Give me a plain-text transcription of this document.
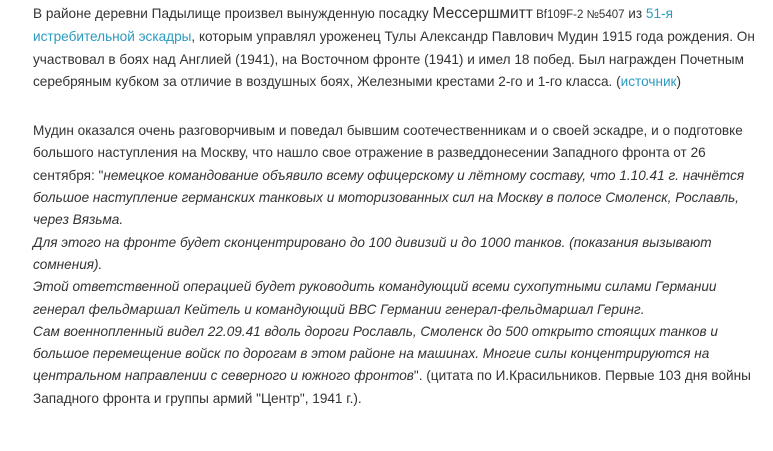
В районе деревни Падылище произвел вынужденную посадку Мессершмитт Bf109F-2 №5407 из 51-я истребительной эскадры, которым управлял уроженец Тулы Александр Павлович Мудин 1915 года рождения. Он участвовал в боях над Англией (1941), на Восточном фронте (1941) и имел 18 побед. Был награжден Почетным серебряным кубком за отличие в воздушных боях, Железными крестами 2-го и 1-го класса. (источник)

Мудин оказался очень разговорчивым и поведал бывшим соотечественникам и о своей эскадре, и о подготовке большого наступления на Москву, что нашло свое отражение в разведдонесении Западного фронта от 26 сентября: "немецкое командование объявило всему офицерскому и лётному составу, что 1.10.41 г. начнётся большое наступление германских танковых и моторизованных сил на Москву в полосе Смоленск, Рославль, через Вязьма.
Для этого на фронте будет сконцентрировано до 100 дивизий и до 1000 танков. (показания вызывают сомнения).
Этой ответственной операцией будет руководить командующий всеми сухопутными силами Германии генерал фельдмаршал Кейтель и командующий ВВС Германии генерал-фельдмаршал Геринг.
Сам военнопленный видел 22.09.41 вдоль дороги Рославль, Смоленск до 500 открыто стоящих танков и большое перемещение войск по дорогам в этом районе на машинах. Многие силы концентрируются на центральном направлении с северного и южного фронтов". (цитата по И.Красильников. Первые 103 дня войны Западного фронта и группы армий "Центр", 1941 г.).
